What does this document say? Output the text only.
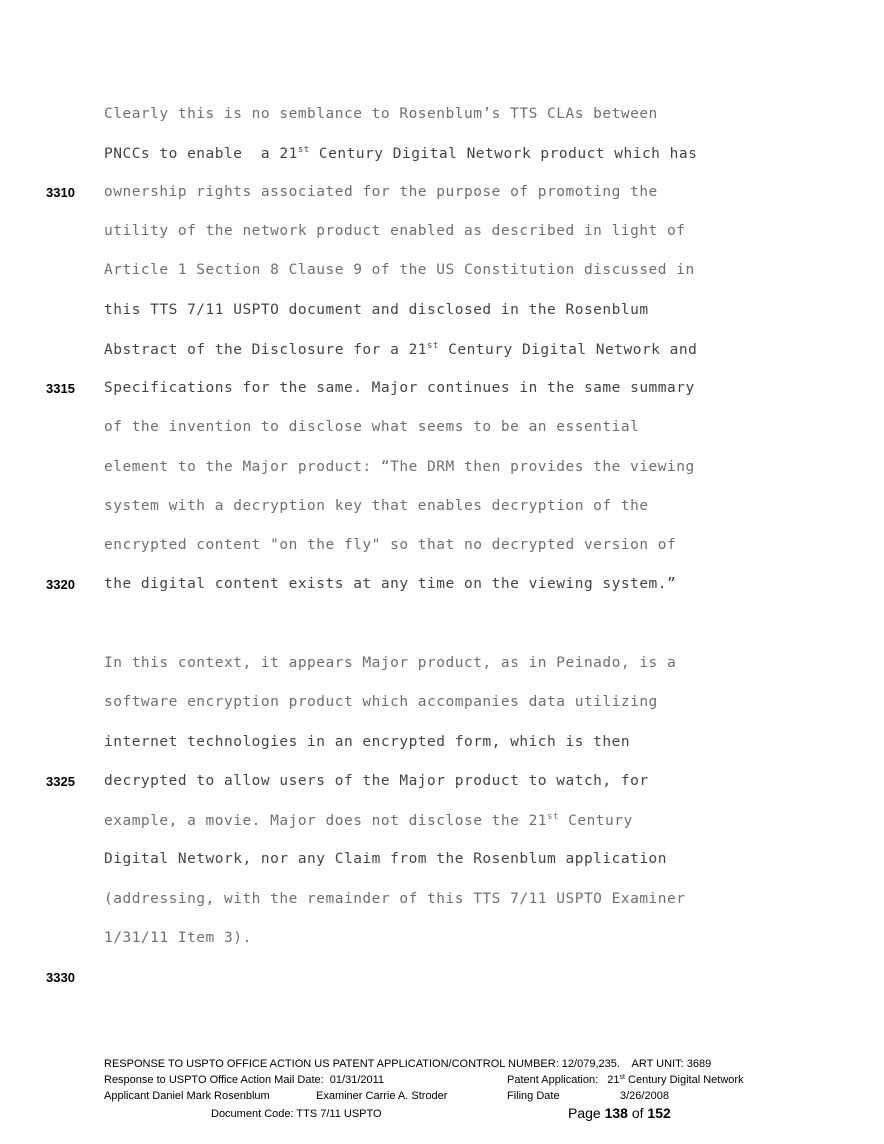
Clearly this is no semblance to Rosenblum’s TTS CLAs between
PNCCs to enable  a 21st Century Digital Network product which has
ownership rights associated for the purpose of promoting the
utility of the network product enabled as described in light of
Article 1 Section 8 Clause 9 of the US Constitution discussed in
this TTS 7/11 USPTO document and disclosed in the Rosenblum
Abstract of the Disclosure for a 21st Century Digital Network and
Specifications for the same. Major continues in the same summary
of the invention to disclose what seems to be an essential
element to the Major product: “The DRM then provides the viewing
system with a decryption key that enables decryption of the
encrypted content "on the fly" so that no decrypted version of
the digital content exists at any time on the viewing system.”
In this context, it appears Major product, as in Peinado, is a
software encryption product which accompanies data utilizing
internet technologies in an encrypted form, which is then
decrypted to allow users of the Major product to watch, for
example, a movie. Major does not disclose the 21st Century
Digital Network, nor any Claim from the Rosenblum application
(addressing, with the remainder of this TTS 7/11 USPTO Examiner
1/31/11 Item 3).
3310
3315
3320
3325
3330
RESPONSE TO USPTO OFFICE ACTION US PATENT APPLICATION/CONTROL NUMBER: 12/079,235.    ART UNIT: 3689
Response to USPTO Office Action Mail Date:  01/31/2011	Patent Application:   21st Century Digital Network
Applicant Daniel Mark Rosenblum	Examiner Carrie A. Stroder	Filing Date	3/26/2008
Document Code: TTS 7/11 USPTO	Page 138 of 152
